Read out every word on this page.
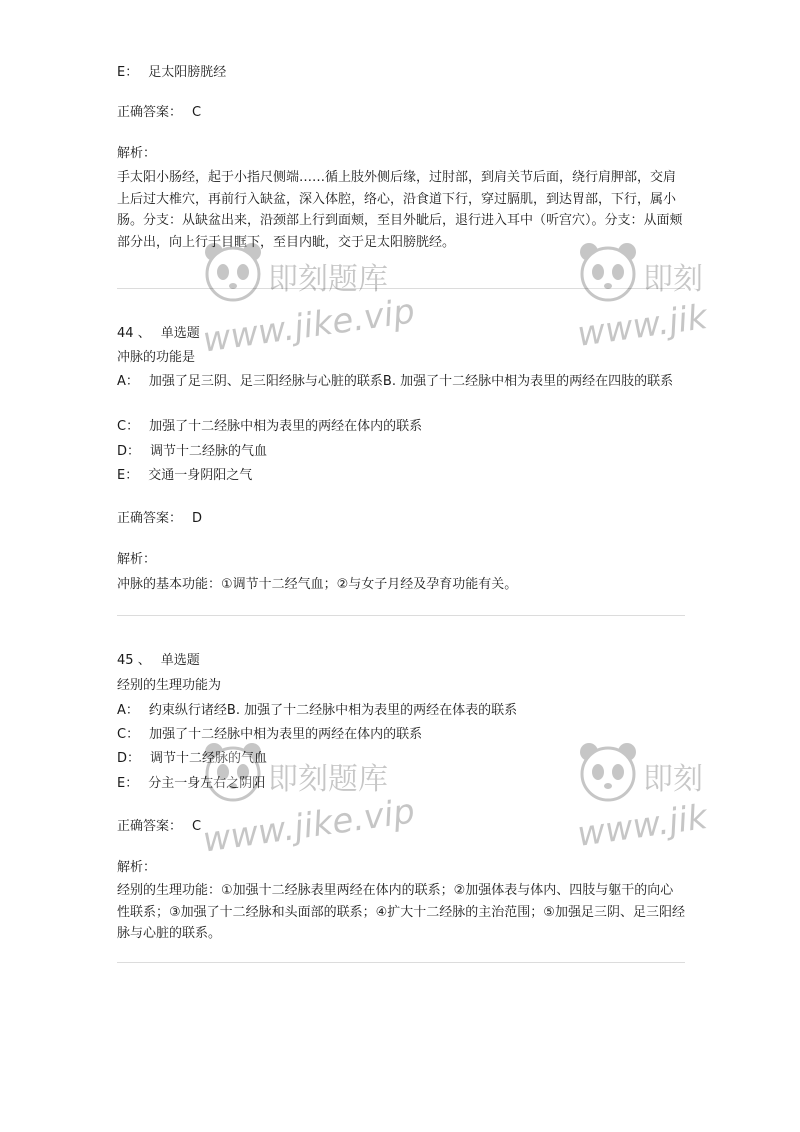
E： 足太阳膀胱经
正确答案： C
解析：
手太阳小肠经，起于小指尺侧端……循上肢外侧后缘，过肘部，到肩关节后面，绕行肩胛部，交肩上后过大椎穴，再前行入缺盆，深入体腔，络心，沿食道下行，穿过膈肌，到达胃部，下行，属小肠。分支：从缺盆出来，沿颈部上行到面颊，至目外眦后，退行进入耳中（听宫穴）。分支：从面颊部分出，向上行于目眶下，至目内眦，交于足太阳膀胱经。
44 、 单选题
冲脉的功能是
A： 加强了足三阴、足三阳经脉与心脏的联系B. 加强了十二经脉中相为表里的两经在四肢的联系
C： 加强了十二经脉中相为表里的两经在体内的联系
D： 调节十二经脉的气血
E： 交通一身阴阳之气
正确答案： D
解析：
冲脉的基本功能：①调节十二经气血；②与女子月经及孕育功能有关。
45 、 单选题
经别的生理功能为
A： 约束纵行诸经B. 加强了十二经脉中相为表里的两经在体表的联系
C： 加强了十二经脉中相为表里的两经在体内的联系
D： 调节十二经脉的气血
E： 分主一身左右之阴阳
正确答案： C
解析：
经别的生理功能：①加强十二经脉表里两经在体内的联系；②加强体表与体内、四肢与躯干的向心性联系；③加强了十二经脉和头面部的联系；④扩大十二经脉的主治范围；⑤加强足三阴、足三阳经脉与心脏的联系。
即刻题库
www.jike.vip
即刻
www.jik
即刻题库
www.jike.vip
即刻
www.jik
